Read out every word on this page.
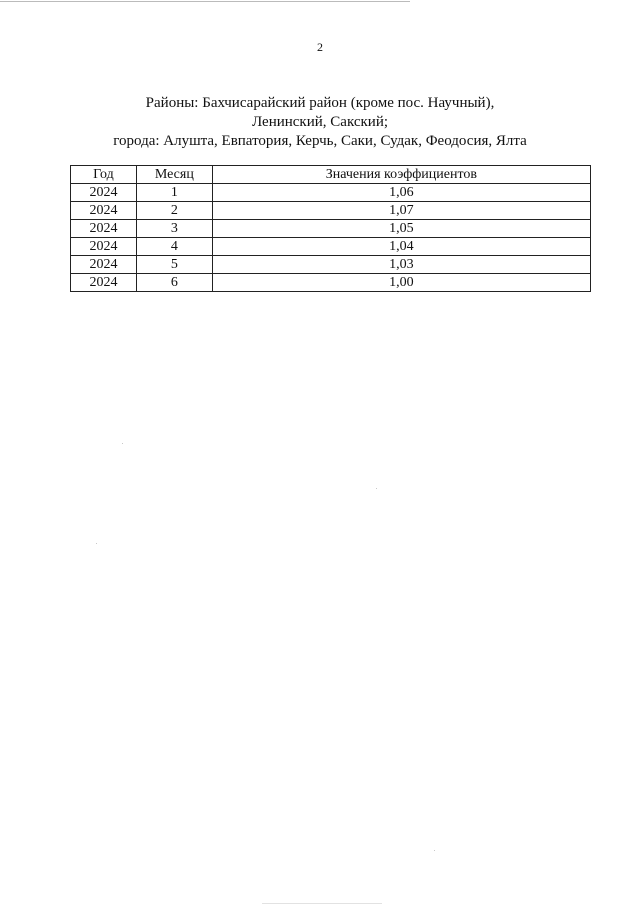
2
Районы: Бахчисарайский район (кроме пос. Научный),
Ленинский, Сакский;
города: Алушта, Евпатория, Керчь, Саки, Судак, Феодосия, Ялта
Год	Месяц	Значения коэффициентов
2024	1	1,06
2024	2	1,07
2024	3	1,05
2024	4	1,04
2024	5	1,03
2024	6	1,00
